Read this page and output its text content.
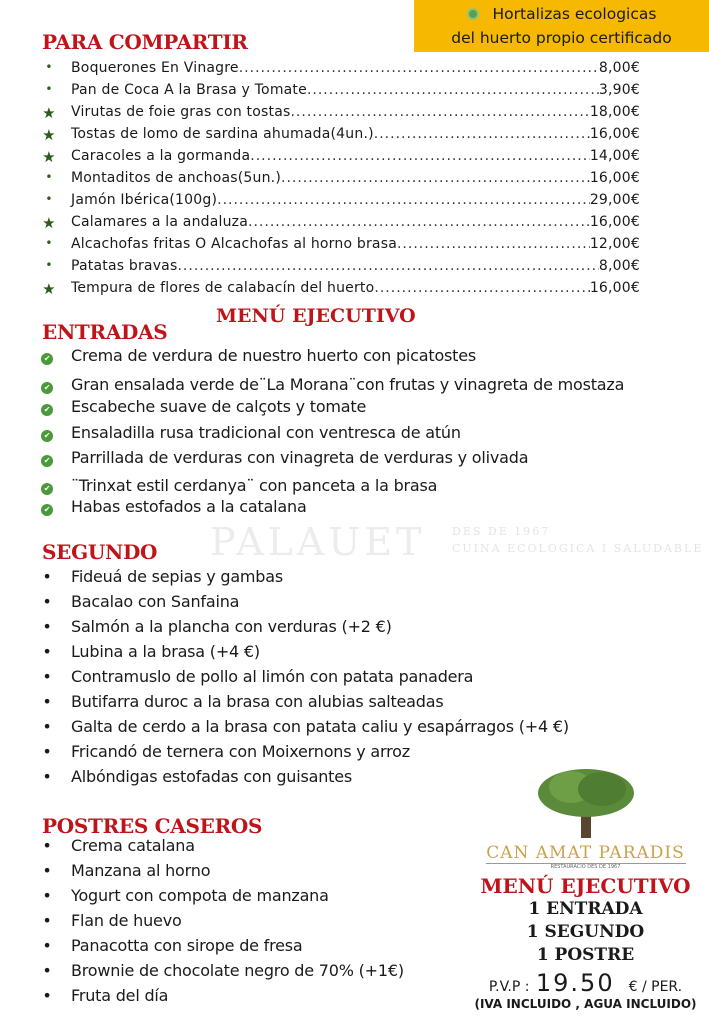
Hortalizas ecologicas
del huerto propio certificado
PALAUET DES DE 1967
CUINA ECOLOGICA I SALUDABLE
PARA COMPARTIR
• Boquerones En Vinagre .....	8,00€
• Pan de Coca A la Brasa y Tomate .....	3,90€
★ Virutas de foie gras con tostas .....	18,00€
★ Tostas de lomo de sardina ahumada(4un.) .....	16,00€
★ Caracoles a la gormanda .....	14,00€
• Montaditos de anchoas(5un.) .....	16,00€
• Jamón Ibérica(100g) .....	29,00€
★ Calamares a la andaluza .....	16,00€
• Alcachofas fritas O Alcachofas al horno brasa .....	12,00€
• Patatas bravas .....	8,00€
★ Tempura de flores de calabacín del huerto .....	16,00€
ENTRADAS
MENÚ EJECUTIVO
✔ Crema de verdura de nuestro huerto con picatostes
✔ Gran ensalada verde de¨La Morana¨con frutas y vinagreta de mostaza
✔ Escabeche suave de calçots y tomate
✔ Ensaladilla rusa tradicional con ventresca de atún
✔ Parrillada de verduras con vinagreta de verduras y olivada
✔ ¨Trinxat estil cerdanya¨ con panceta a la brasa
✔ Habas estofados a la catalana
SEGUNDO
• Fideuá de sepias y gambas
• Bacalao con Sanfaina
• Salmón a la plancha con verduras (+2 €)
• Lubina a la brasa (+4 €)
• Contramuslo de pollo al limón con patata panadera
• Butifarra duroc a la brasa con alubias salteadas
• Galta de cerdo a la brasa con patata caliu y esapárragos (+4 €)
• Fricandó de ternera con Moixernons y arroz
• Albóndigas estofadas con guisantes
POSTRES CASEROS
• Crema catalana
• Manzana al horno
• Yogurt con compota de manzana
• Flan de huevo
• Panacotta con sirope de fresa
• Brownie de chocolate negro de 70% (+1€)
• Fruta del día
CAN AMAT PARADIS
RESTAURACIÓ DES DE 1967
MENÚ EJECUTIVO
1 ENTRADA
1 SEGUNDO
1 POSTRE
P.V.P : 19.50 € / PER.
(IVA INCLUIDO , AGUA INCLUIDO)
